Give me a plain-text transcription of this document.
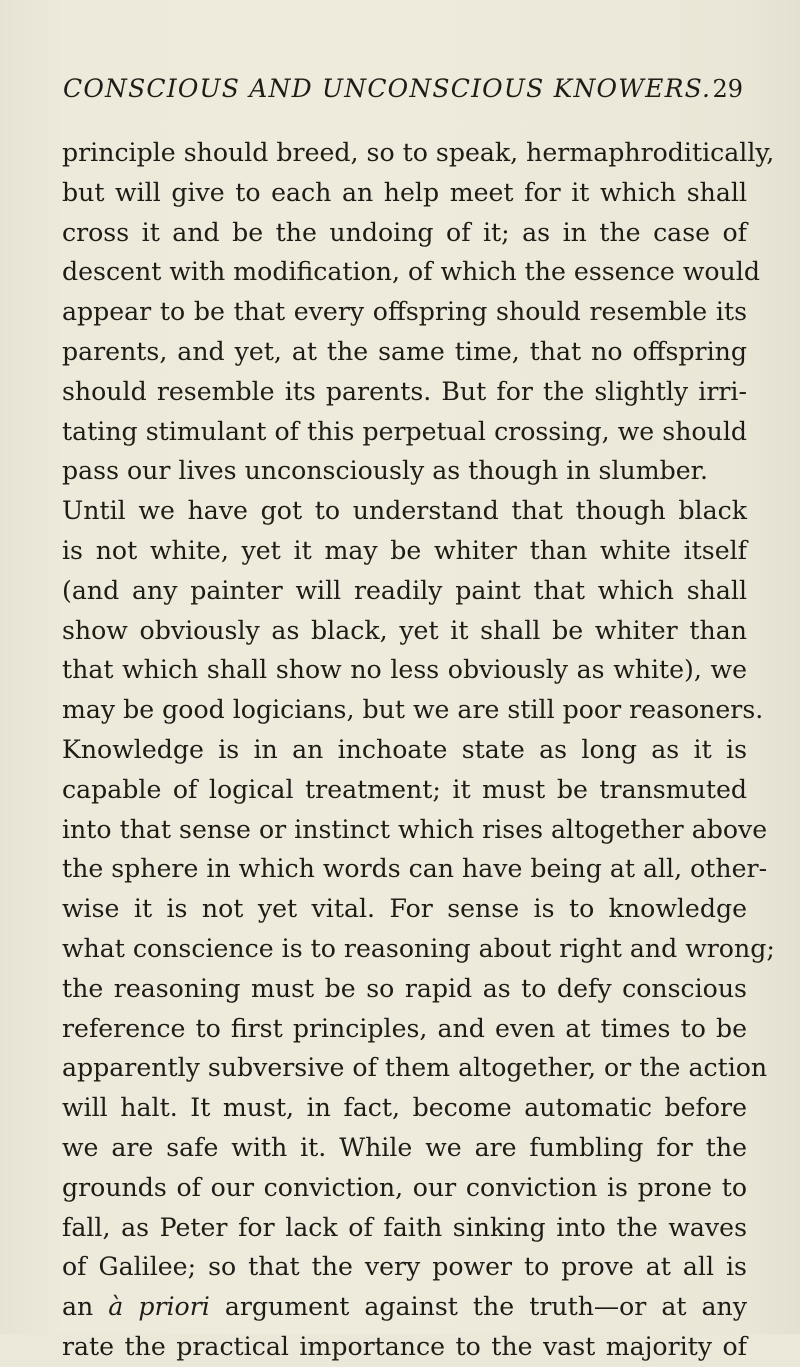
CONSCIOUS AND UNCONSCIOUS KNOWERS. 29
principle should breed, so to speak, hermaphroditically,
but will give to each an help meet for it which shall
cross it and be the undoing of it; as in the case of
descent with modification, of which the essence would
appear to be that every offspring should resemble its
parents, and yet, at the same time, that no offspring
should resemble its parents. But for the slightly irri-
tating stimulant of this perpetual crossing, we should
pass our lives unconsciously as though in slumber.
Until we have got to understand that though black
is not white, yet it may be whiter than white itself
(and any painter will readily paint that which shall
show obviously as black, yet it shall be whiter than
that which shall show no less obviously as white), we
may be good logicians, but we are still poor reasoners.
Knowledge is in an inchoate state as long as it is
capable of logical treatment; it must be transmuted
into that sense or instinct which rises altogether above
the sphere in which words can have being at all, other-
wise it is not yet vital. For sense is to knowledge
what conscience is to reasoning about right and wrong;
the reasoning must be so rapid as to defy conscious
reference to first principles, and even at times to be
apparently subversive of them altogether, or the action
will halt. It must, in fact, become automatic before
we are safe with it. While we are fumbling for the
grounds of our conviction, our conviction is prone to
fall, as Peter for lack of faith sinking into the waves
of Galilee; so that the very power to prove at all is
an à priori argument against the truth—or at any
rate the practical importance to the vast majority of
